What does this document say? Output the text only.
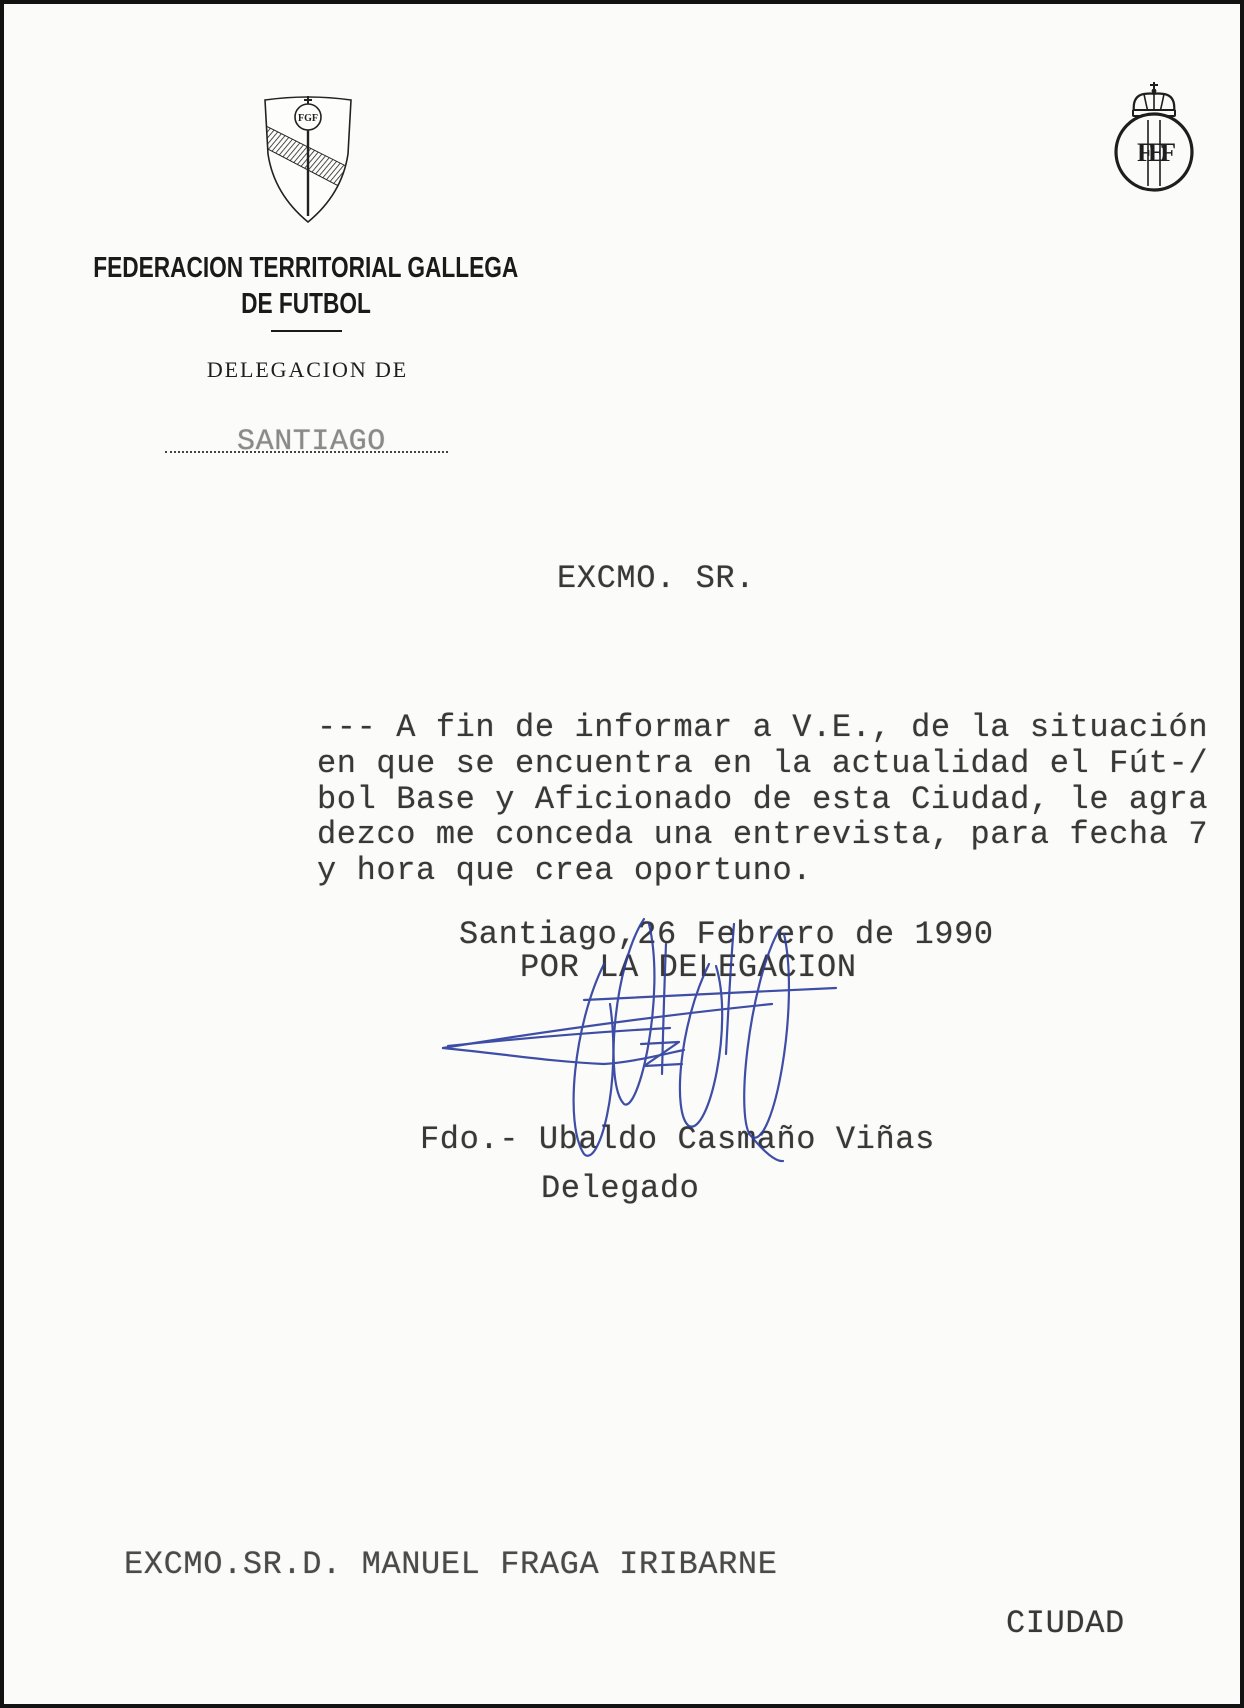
FGF
FEF
FEDERACION TERRITORIAL GALLEGA
DE FUTBOL
DELEGACION DE
SANTIAGO
EXCMO. SR.
--- A fin de informar a V.E., de la situación
en que se encuentra en la actualidad el Fút-/
bol Base y Aficionado de esta Ciudad, le agra
dezco me conceda una entrevista, para fecha 7
y hora que crea oportuno.
Santiago,26 Febrero de 1990
POR LA DELEGACION
Fdo.- Ubaldo Casmaño Viñas
Delegado
EXCMO.SR.D. MANUEL FRAGA IRIBARNE
CIUDAD
